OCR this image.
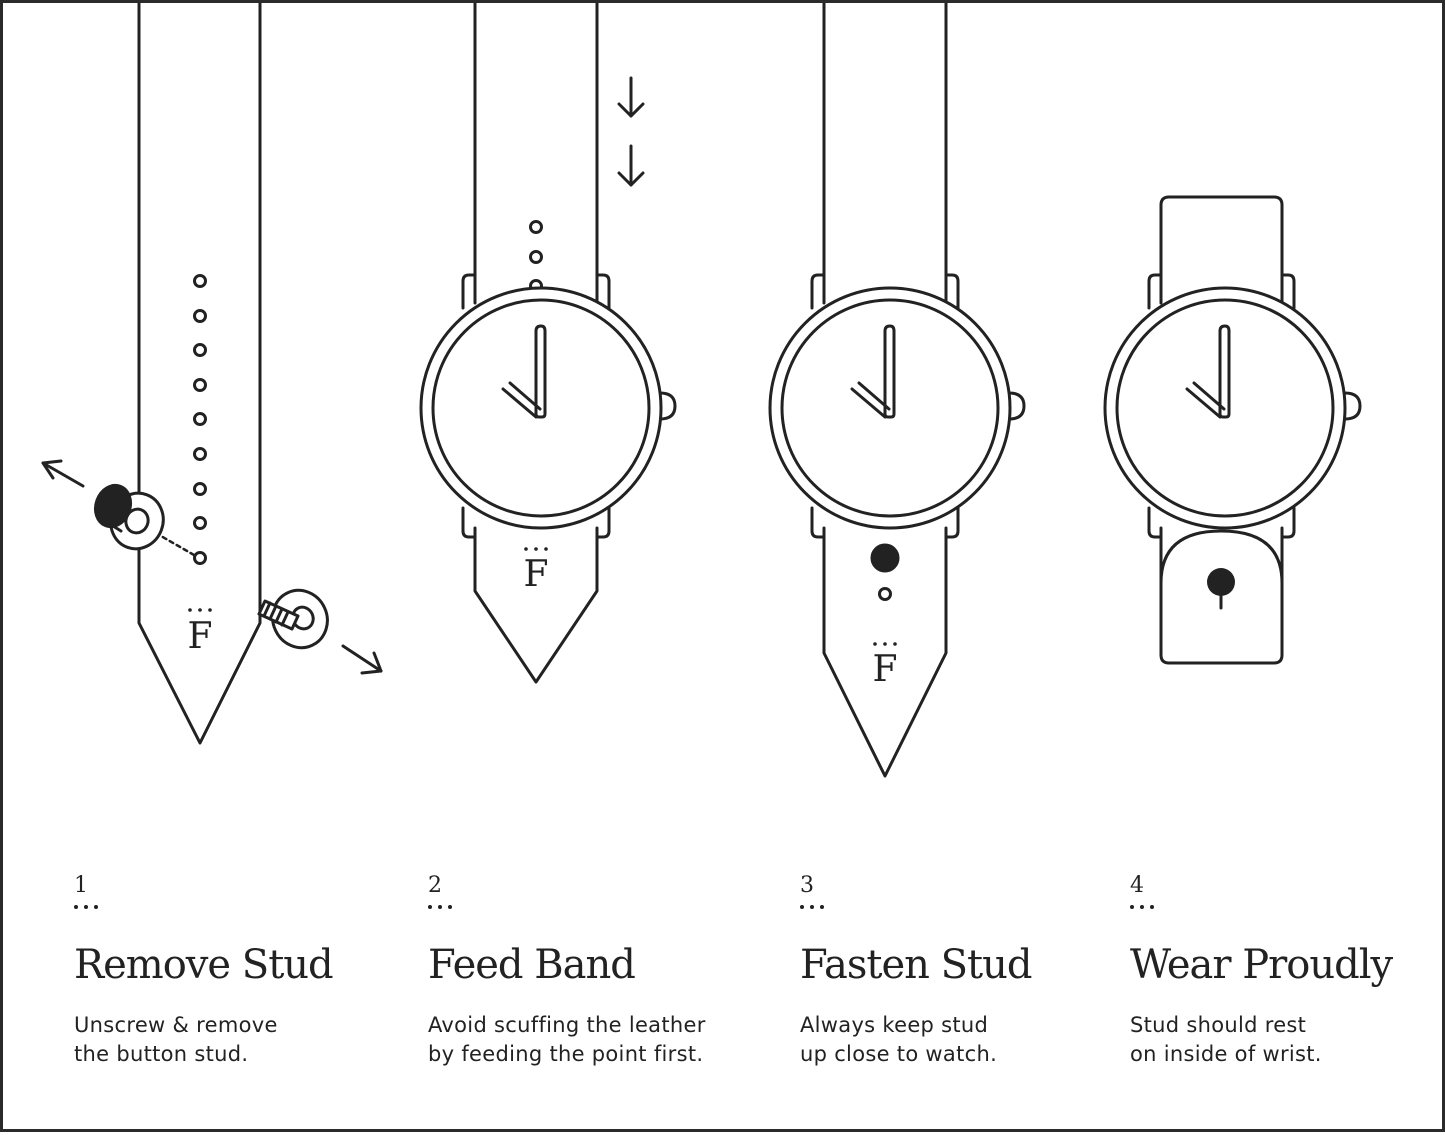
F
F
F
1
Remove Stud
Unscrew & remove
the button stud.
2
Feed Band
Avoid scuffing the leather
by feeding the point first.
3
Fasten Stud
Always keep stud
up close to watch.
4
Wear Proudly
Stud should rest
on inside of wrist.
